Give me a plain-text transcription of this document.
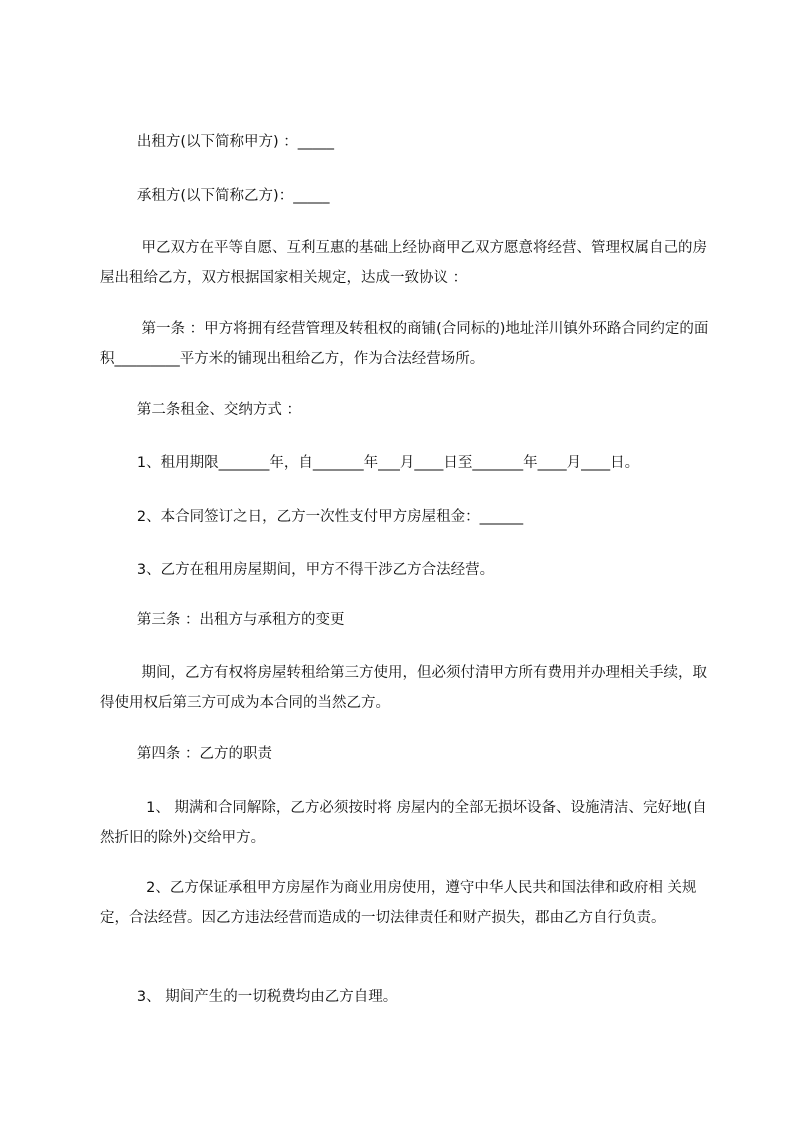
出租方(以下简称甲方) ：_____

承租方(以下简称乙方)：_____

甲乙双方在平等自愿、互利互惠的基础上经协商甲乙双方愿意将经营、管理权属自己的房屋出租给乙方，双方根据国家相关规定，达成一致协议 ：

第一条 ：甲方将拥有经营管理及转租权的商铺(合同标的)地址洋川镇外环路合同约定的面积_________平方米的铺现出租给乙方，作为合法经营场所。

第二条租金、交纳方式 ：

1、租用期限_______年，自_______年___月____日至_______年____月____日。

2、本合同签订之日，乙方一次性支付甲方房屋租金：______

3、乙方在租用房屋期间，甲方不得干涉乙方合法经营。

第三条 ：出租方与承租方的变更

期间，乙方有权将房屋转租给第三方使用，但必须付清甲方所有费用并办理相关手续，取得使用权后第三方可成为本合同的当然乙方。

第四条 ：乙方的职责

1、 期满和合同解除，乙方必须按时将 房屋内的全部无损坏设备、设施清洁、完好地(自然折旧的除外)交给甲方。

2、乙方保证承租甲方房屋作为商业用房使用，遵守中华人民共和国法律和政府相 关规定，合法经营。因乙方违法经营而造成的一切法律责任和财产损失，郡由乙方自行负责。

3、 期间产生的一切税费均由乙方自理。
